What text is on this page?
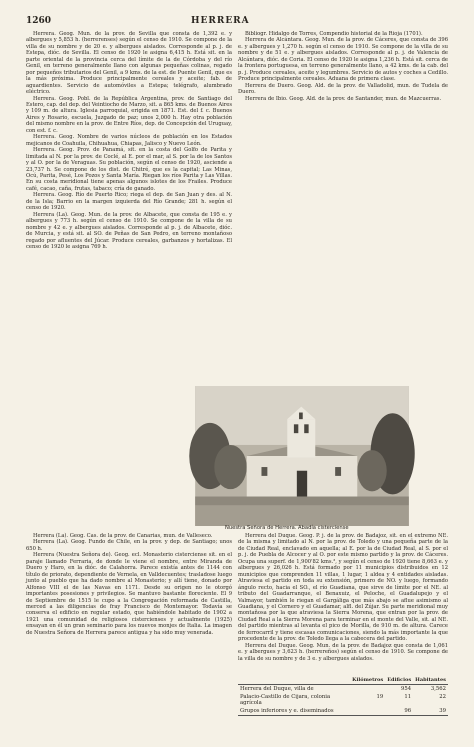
1260	HERRERA

Herrera. Geog. Mun. de la prov. de Sevilla que consta de 1,392 e. y albergues y 5,853 h. (herrerenses) según el censo de 1910. Se compone de la villa de su nombre y de 20 e. y albergues aislados. Corresponde al p. j. de Estepa, dióc. de Sevilla. El censo de 1920 le asigna 6,415 h. Está sit. en la parte oriental de la provincia cerca del límite de la de Córdoba y del río Genil, en terreno generalmente llano con algunas pequeñas colinas, regado por pequeños tributarios del Genil, a 9 kms. de la est. de Puente Genil, que es la más próxima. Produce principalmente cereales y aceite; fab. de aguardientes. Servicio de automóviles a Estepa; telégrafo, alumbrado eléctrico.

Herrera. Geog. Pobl. de la República Argentina, prov. de Santiago del Estero, cap. del dep. del Veintiocho de Marzo, sit. a 865 kms. de Buenos Aires y 109 m. de altura. Iglesia parroquial, erigida en 1871. Est. del f. c. Buenos Aires y Rosario, escuela, Juzgado de paz; unos 2,000 h. Hay otra población del mismo nombre en la prov. de Entre Ríos, dep. de Concepción del Uruguay, con est. f. c.

Herrera. Geog. Nombre de varios núcleos de población en los Estados mejicanos de Coahuila, Chihuahua, Chiapas, Jalisco y Nuevo León.

Herrera. Geog. Prov. de Panamá, sit. en la costa del Golfo de Parita y limitada al N. por la prov. de Coclé, al E. por el mar, al S. por la de los Santos y al O. por la de Veraguas. Su población, según el censo de 1920, asciende a 23,737 h. Se compone de los dist. de Chitré, que es la capital; Las Minas, Ocú, Parita, Pesé, Los Pozos y Santa María. Riegan los ríos Parita y Las Villas. En su costa meridional tiene apenas algunos islotes de los Frailes. Produce café, cacao, caña, frutas, tabaco; cría de ganado.

Herrera. Geog. Río de Puerto Rico; riega el dep. de San Juan y des. al N. de la Isla; Barrio en la margen izquierda del Río Grande; 281 h. según el censo de 1920.

Herrera (La). Geog. Mun. de la prov. de Albacete, que consta de 195 e. y albergues y 773 h. según el censo de 1910. Se compone de la villa de su nombre y 42 e. y albergues aislados. Corresponde al p. j. de Albacete, dióc. de Murcia, y está sit. al SO. de Peñas de San Pedro, en terreno montañoso regado por afluentes del Júcar. Produce cereales, garbanzos y hortalizas. El censo de 1920 le asigna 769 h.

Bibliogr. Hidalgo de Torres, Compendio historial de la Rioja (1701).

Herrera de Alcántara. Geog. Mun. de la prov. de Cáceres, que consta de 396 e. y albergues y 1,270 h. según el censo de 1910. Se compone de la villa de su nombre y de 51 e. y albergues aislados. Corresponde al p. j. de Valencia de Alcántara, dióc. de Coria. El censo de 1920 le asigna 1,236 h. Está sit. cerca de la frontera portuguesa, en terreno generalmente llano, a 42 kms. de la cab. del p. j. Produce cereales, aceite y legumbres. Servicio de autos y coches a Cedillo. Produce principalmente cereales. Aduana de primera clase.

Herrera de Duero. Geog. Ald. de la prov. de Valladolid, mun. de Tudela de Duero.

Herrera de Ibio. Geog. Ald. de la prov. de Santander, mun. de Mazcuerras.

Nuestra Señora de Herrera. Abadía cisterciense

Herrera (La). Geog. Cas. de la prov. de Canarias, mun. de Valleseco.

Herrera (La). Geog. Fundo de Chile, en la prov. y dep. de Santiago; unos 650 h.

Herrera (Nuestra Señora de). Geog. ecl. Monasterio cisterciense sit. en el paraje llamado Ferraria, de donde le viene el nombre, entre Miranda de Duero y Haro, en la dióc. de Calahorra. Parece existía antes de 1144 con título de priorato, dependiente de Vernela, en Valldecuentes; trasladose luego junto al pueblo que ha dado nombre al Monasterio; y allí tiene, donado por Alfonso VIII el de las Navas en 1171. Desde su origen no le otorgó importantes posesiones y privilegios. Se mantuvo bastante floreciente. El 9 de Septiembre de 1515 le cupo a la Congregación reformada de Castilla, merced a las diligencias de fray Francisco de Montemayor. Todavía se conserva el edificio en regular estado, que habiéndole habitado de 1902 a 1921 una comunidad de religiosos cistercienses y actualmente (1925) ensayan en él un gran seminario para los nuevos monjes de Italia. La imagen de Nuestra Señora de Herrera parece antigua y ha sido muy venerada.

Herrera del Duque. Geog. P. j. de la prov. de Badajoz, sit. en el extremo NE. de la misma y limitado al N. por la prov. de Toledo y una pequeña parte de la de Ciudad Real, enclavado en aquella; al E. por la de Ciudad Real, al S. por el p. j. de Puebla de Alcocer y al O. por este mismo partido y la prov. de Cáceres. Ocupa una superf. de 1,900'82 kms.², y según el censo de 1920 tiene 8,663 e. y albergues y 26,026 h. Está formado por 11 municipios distribuidos en 12 municipios que comprenden 11 villas, 1 lugar, 1 aldea y 4 entidades aisladas. Atraviesa el partido en toda su extensión, primero de NO. y luego, formando ángulo recto, hacia el SO., el río Guadiana, que sirve de límite por el NE. al tributo del Guadarranque, el Benaxuiz, el Peloche, el Guadalupejo y el Valmayor, también le riegan el Gargáliga que más abajo se aflue asimismo al Guadiana, y el Cornero y el Guadamar, alfl. del Zújar. Su parte meridional muy montañosa por la que atraviesa la Sierra Morena, que entran por la prov. de Ciudad Real a la Sierra Morena para terminar en el monte del Valle, sit. al NE. del partido mientras al levanta el pico de Morilla, de 910 m. de altura. Carece de ferrocarril y tiene escasas comunicaciones, siendo la más importante la que procedente de la prov. de Toledo llega a la cabecera del partido.

Herrera del Duque. Geog. Mun. de la prov. de Badajoz que consta de 1,061 e. y albergues y 3,623 h. (herrereños) según el censo de 1910. Se compone de la villa de su nombre y de 3 e. y albergues aislados.

	Kilómetros	Edificios	Habitantes
Herrera del Duque, villa de		954	3,562
Palacio-Castillo de Cijara, colonia agrícola	19	11	22
Grupos inferiores y e. diseminados		96	39
